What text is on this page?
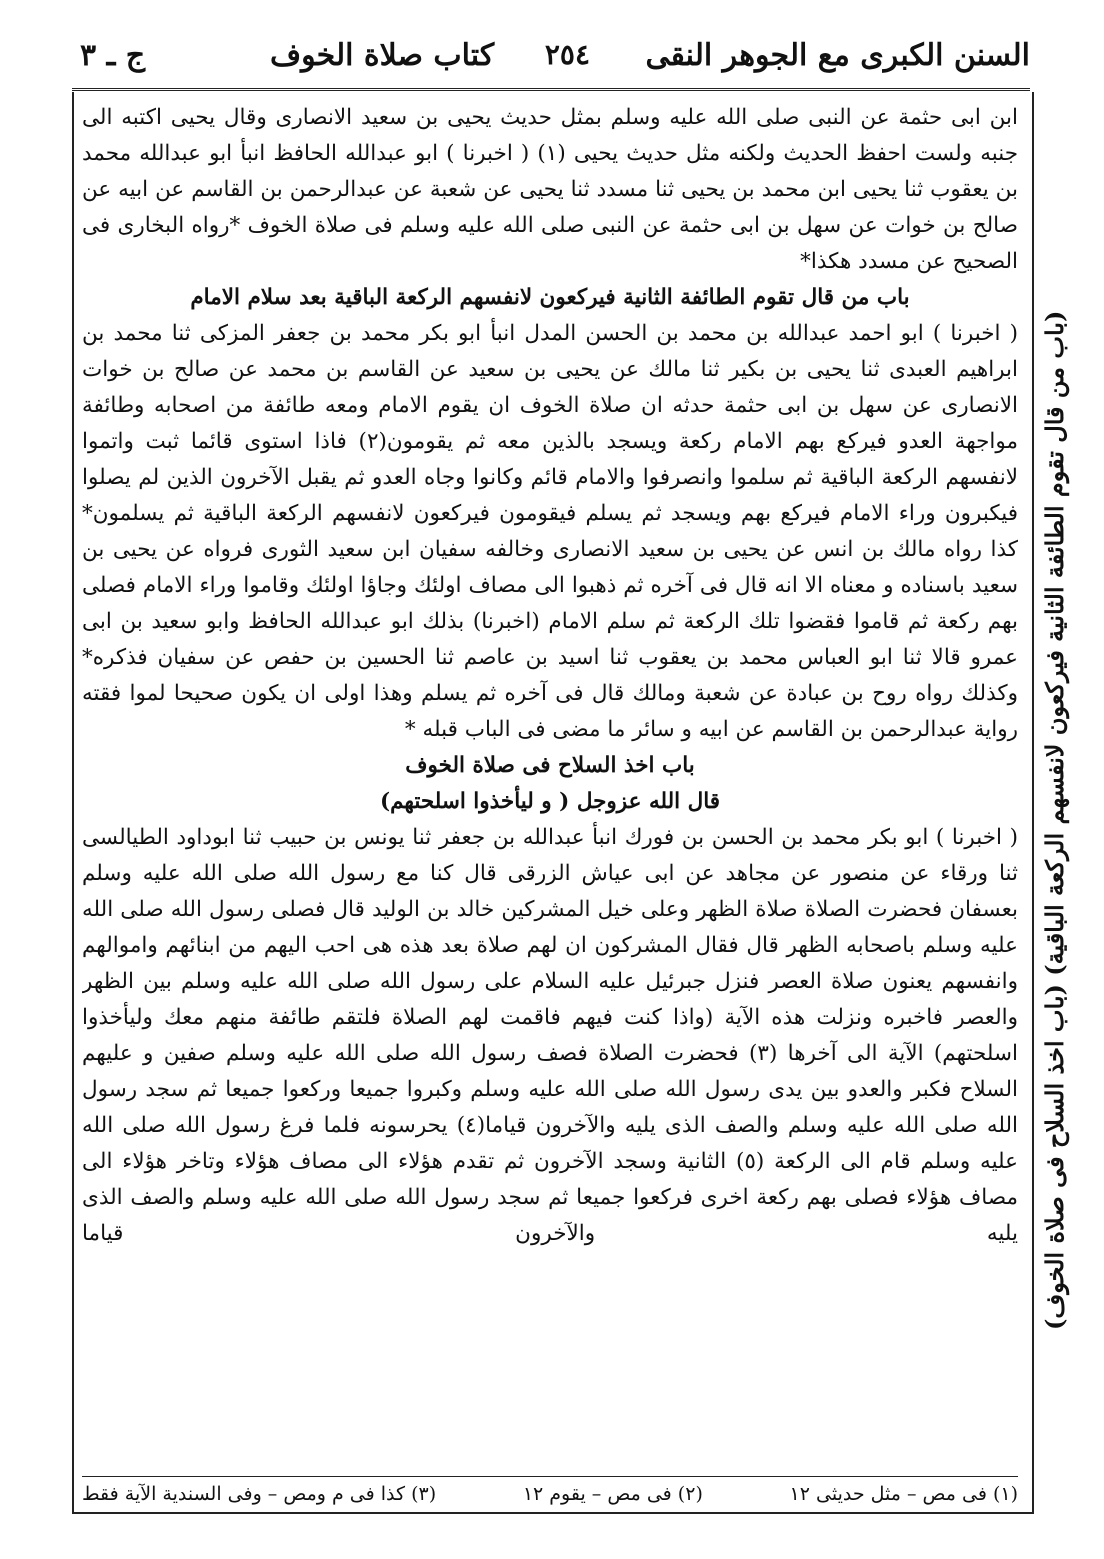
السنن الكبرى مع الجوهر النقى
٢٥٤
كتاب صلاة الخوف
ج ـ ٣

ابن ابى حثمة عن النبى صلى الله عليه وسلم بمثل حديث يحيى بن سعيد الانصارى وقال يحيى اكتبه الى جنبه ولست احفظ الحديث ولكنه مثل حديث يحيى (١) ( اخبرنا ) ابو عبدالله الحافظ انبأ ابو عبدالله محمد بن يعقوب ثنا يحيى ابن محمد بن يحيى ثنا مسدد ثنا يحيى عن شعبة عن عبدالرحمن بن القاسم عن ابيه عن صالح بن خوات عن سهل بن ابى حثمة عن النبى صلى الله عليه وسلم فى صلاة الخوف *رواه البخارى فى الصحيح عن مسدد هكذا*

باب من قال تقوم الطائفة الثانية فيركعون لانفسهم الركعة الباقية بعد سلام الامام

( اخبرنا ) ابو احمد عبدالله بن محمد بن الحسن المدل انبأ ابو بكر محمد بن جعفر المزكى ثنا محمد بن ابراهيم العبدى ثنا يحيى بن بكير ثنا مالك عن يحيى بن سعيد عن القاسم بن محمد عن صالح بن خوات الانصارى عن سهل بن ابى حثمة حدثه ان صلاة الخوف ان يقوم الامام ومعه طائفة من اصحابه وطائفة مواجهة العدو فيركع بهم الامام ركعة ويسجد بالذين معه ثم يقومون(٢) فاذا استوى قائما ثبت واتموا لانفسهم الركعة الباقية ثم سلموا وانصرفوا والامام قائم وكانوا وجاه العدو ثم يقبل الآخرون الذين لم يصلوا فيكبرون وراء الامام فيركع بهم ويسجد ثم يسلم فيقومون فيركعون لانفسهم الركعة الباقية ثم يسلمون* كذا رواه مالك بن انس عن يحيى بن سعيد الانصارى وخالفه سفيان ابن سعيد الثورى فرواه عن يحيى بن سعيد باسناده و معناه الا انه قال فى آخره ثم ذهبوا الى مصاف اولئك وجاؤا اولئك وقاموا وراء الامام فصلى بهم ركعة ثم قاموا فقضوا تلك الركعة ثم سلم الامام (اخبرنا) بذلك ابو عبدالله الحافظ وابو سعيد بن ابى عمرو قالا ثنا ابو العباس محمد بن يعقوب ثنا اسيد بن عاصم ثنا الحسين بن حفص عن سفيان فذكره* وكذلك رواه روح بن عبادة عن شعبة ومالك قال فى آخره ثم يسلم وهذا اولى ان يكون صحيحا لموا فقته رواية عبدالرحمن بن القاسم عن ابيه و سائر ما مضى فى الباب قبله *

باب اخذ السلاح فى صلاة الخوف

قال الله عزوجل ( و ليأخذوا اسلحتهم)

( اخبرنا ) ابو بكر محمد بن الحسن بن فورك انبأ عبدالله بن جعفر ثنا يونس بن حبيب ثنا ابوداود الطيالسى ثنا ورقاء عن منصور عن مجاهد عن ابى عياش الزرقى قال كنا مع رسول الله صلى الله عليه وسلم بعسفان فحضرت الصلاة صلاة الظهر وعلى خيل المشركين خالد بن الوليد قال فصلى رسول الله صلى الله عليه وسلم باصحابه الظهر قال فقال المشركون ان لهم صلاة بعد هذه هى احب اليهم من ابنائهم واموالهم وانفسهم يعنون صلاة العصر فنزل جبرئيل عليه السلام على رسول الله صلى الله عليه وسلم بين الظهر والعصر فاخبره ونزلت هذه الآية (واذا كنت فيهم فاقمت لهم الصلاة فلتقم طائفة منهم معك وليأخذوا اسلحتهم) الآية الى آخرها (٣) فحضرت الصلاة فصف رسول الله صلى الله عليه وسلم صفين و عليهم السلاح فكبر والعدو بين يدى رسول الله صلى الله عليه وسلم وكبروا جميعا وركعوا جميعا ثم سجد رسول الله صلى الله عليه وسلم والصف الذى يليه والآخرون قياما(٤) يحرسونه فلما فرغ رسول الله صلى الله عليه وسلم قام الى الركعة (٥) الثانية وسجد الآخرون ثم تقدم هؤلاء الى مصاف هؤلاء وتاخر هؤلاء الى مصاف هؤلاء فصلى بهم ركعة اخرى فركعوا جميعا ثم سجد رسول الله صلى الله عليه وسلم والصف الذى يليه والآخرون قياما

(١) فى مص – مثل حديثى ١٢
(٢) فى مص – يقوم ١٢
(٣) كذا فى م ومص – وفى السندية الآية فقط
(باب من قال تقوم الطائفة الثانية فيركعون لانفسهم الركعة الباقية) (باب اخذ السلاح فى صلاة الخوف)
